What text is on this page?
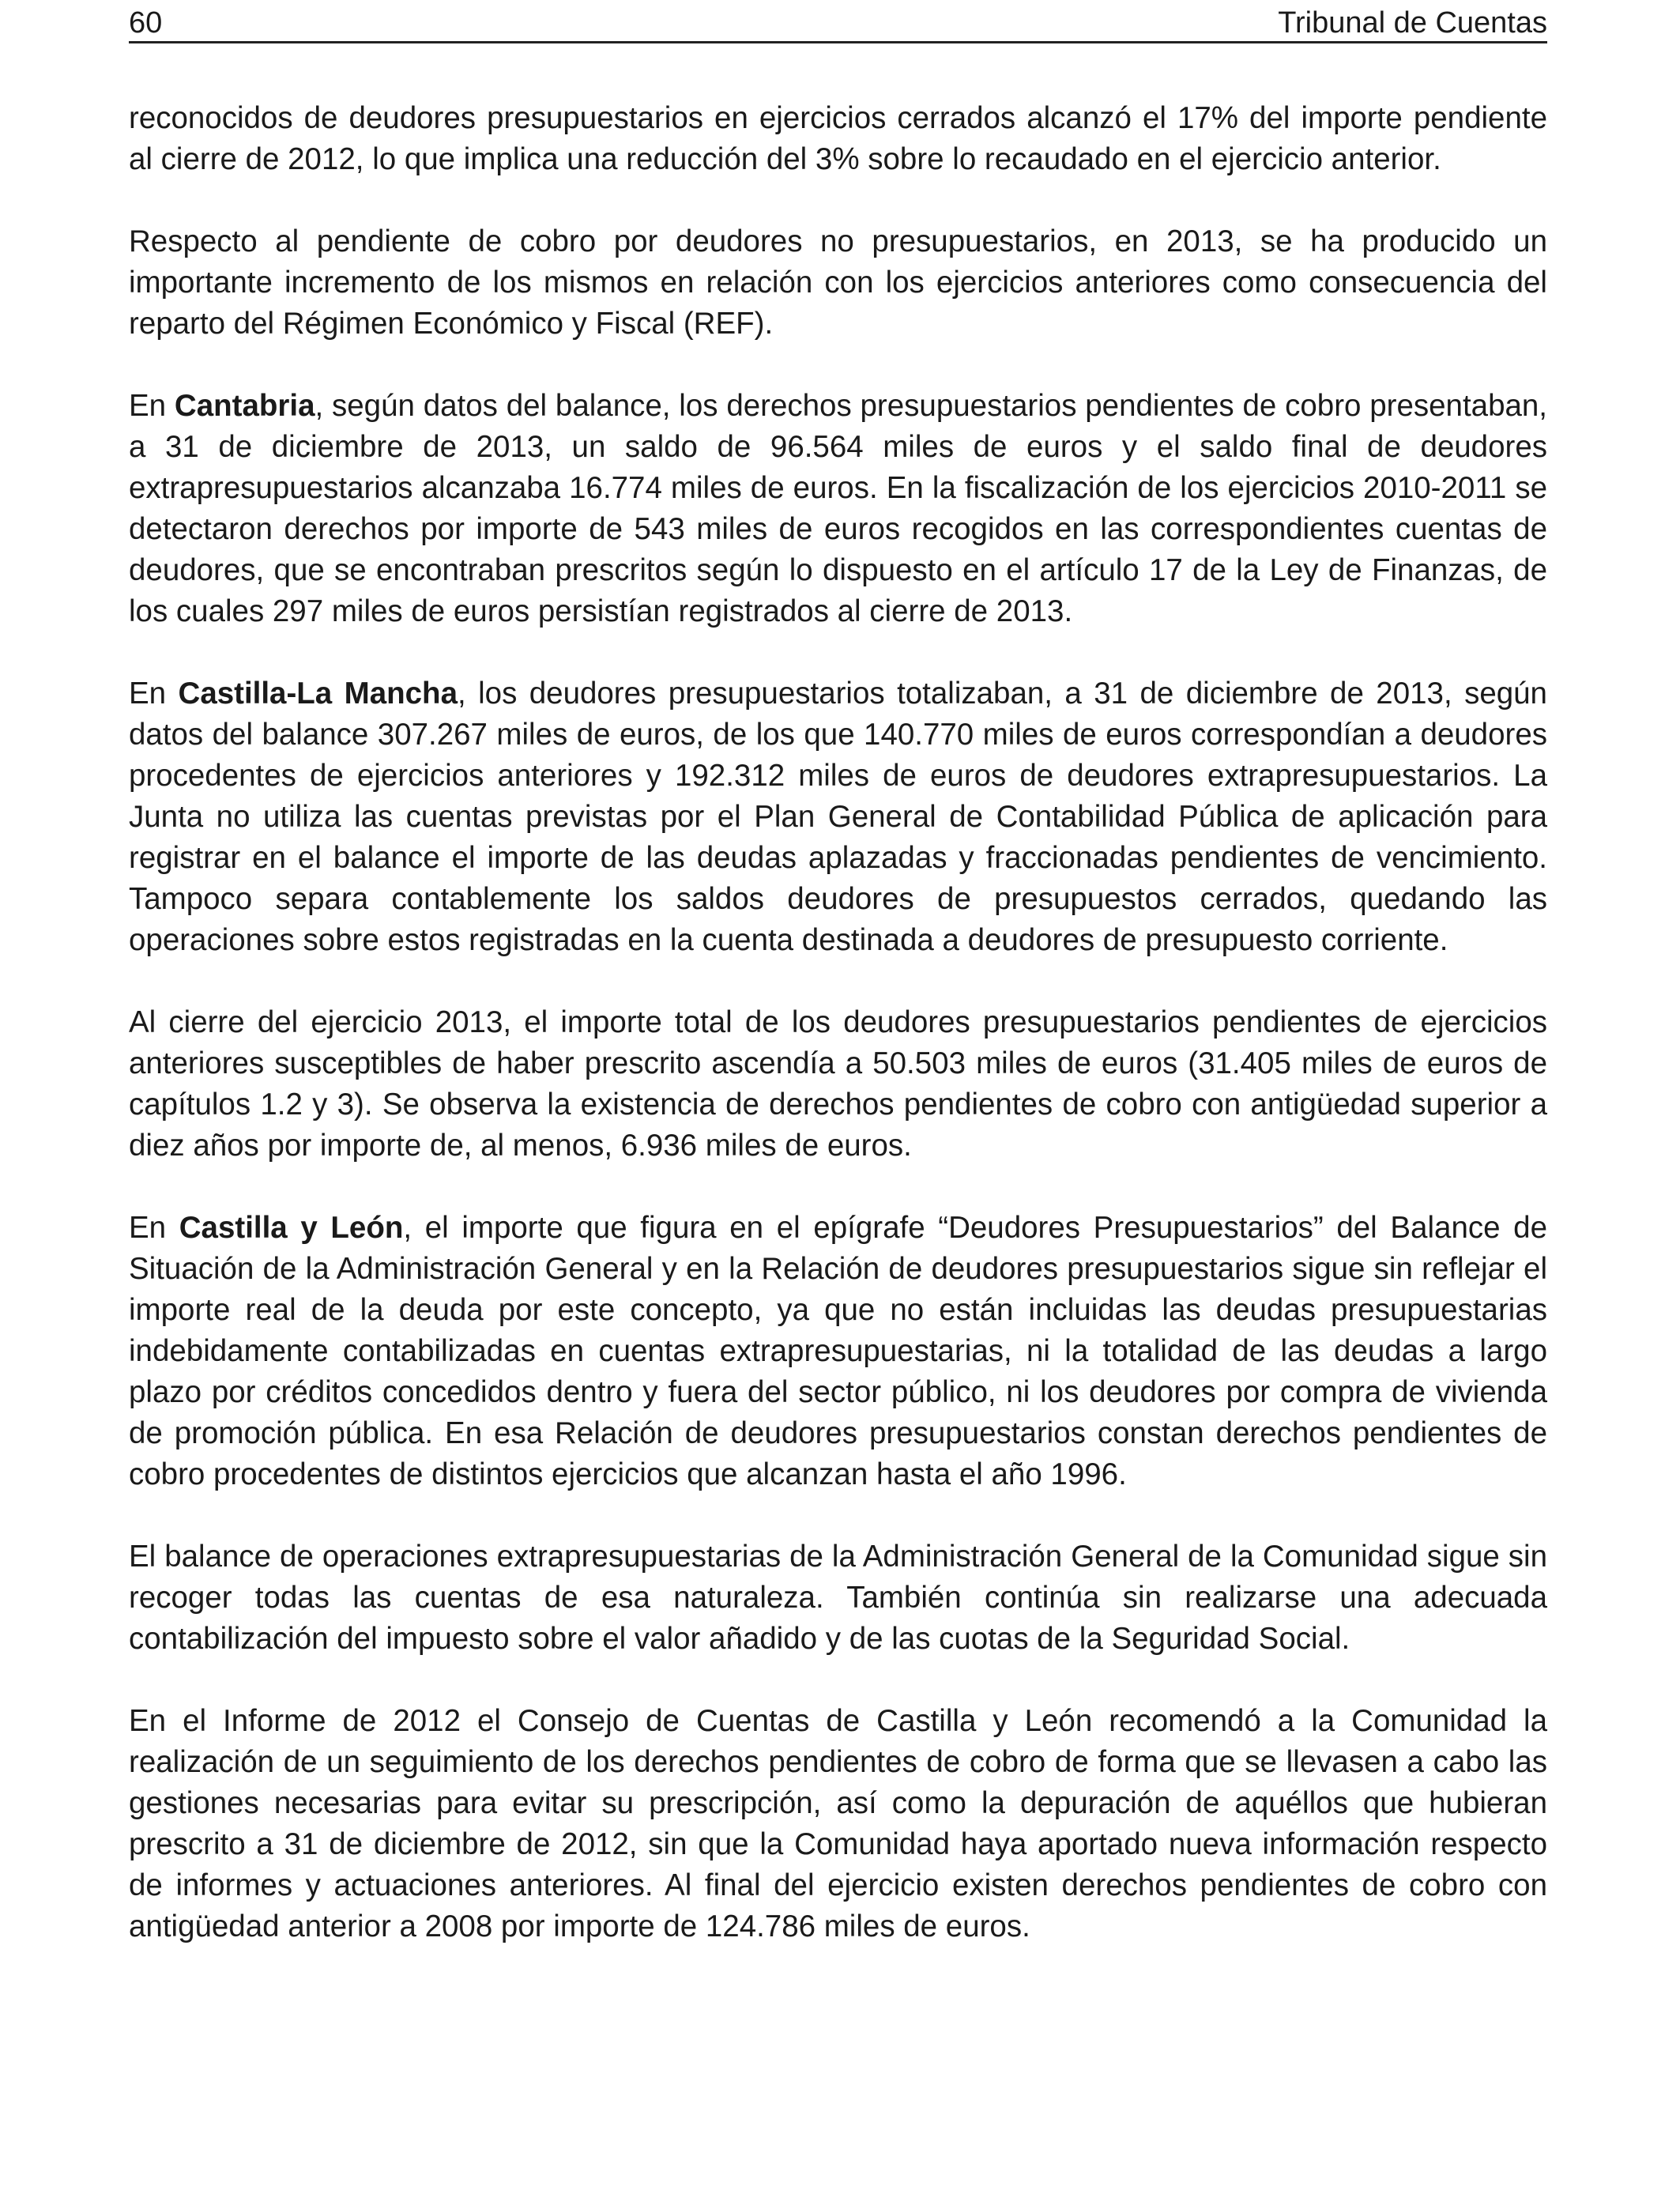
60	Tribunal de Cuentas

reconocidos de deudores presupuestarios en ejercicios cerrados alcanzó el 17% del importe pendiente al cierre de 2012, lo que implica una reducción del 3% sobre lo recaudado en el ejercicio anterior.

Respecto al pendiente de cobro por deudores no presupuestarios, en 2013, se ha producido un importante incremento de los mismos en relación con los ejercicios anteriores como consecuencia del reparto del Régimen Económico y Fiscal (REF).

En Cantabria, según datos del balance, los derechos presupuestarios pendientes de cobro presentaban, a 31 de diciembre de 2013, un saldo de 96.564 miles de euros y el saldo final de deudores extrapresupuestarios alcanzaba 16.774 miles de euros. En la fiscalización de los ejercicios 2010-2011 se detectaron derechos por importe de 543 miles de euros recogidos en las correspondientes cuentas de deudores, que se encontraban prescritos según lo dispuesto en el artículo 17 de la Ley de Finanzas, de los cuales 297 miles de euros persistían registrados al cierre de 2013.

En Castilla-La Mancha, los deudores presupuestarios totalizaban, a 31 de diciembre de 2013, según datos del balance 307.267 miles de euros, de los que 140.770 miles de euros correspondían a deudores procedentes de ejercicios anteriores y 192.312 miles de euros de deudores extrapresupuestarios. La Junta no utiliza las cuentas previstas por el Plan General de Contabilidad Pública de aplicación para registrar en el balance el importe de las deudas aplazadas y fraccionadas pendientes de vencimiento. Tampoco separa contablemente los saldos deudores de presupuestos cerrados, quedando las operaciones sobre estos registradas en la cuenta destinada a deudores de presupuesto corriente.

Al cierre del ejercicio 2013, el importe total de los deudores presupuestarios pendientes de ejercicios anteriores susceptibles de haber prescrito ascendía a 50.503 miles de euros (31.405 miles de euros de capítulos 1.2 y 3). Se observa la existencia de derechos pendientes de cobro con antigüedad superior a diez años por importe de, al menos, 6.936 miles de euros.

En Castilla y León, el importe que figura en el epígrafe “Deudores Presupuestarios” del Balance de Situación de la Administración General y en la Relación de deudores presupuestarios sigue sin reflejar el importe real de la deuda por este concepto, ya que no están incluidas las deudas presupuestarias indebidamente contabilizadas en cuentas extrapresupuestarias, ni la totalidad de las deudas a largo plazo por créditos concedidos dentro y fuera del sector público, ni los deudores por compra de vivienda de promoción pública. En esa Relación de deudores presupuestarios constan derechos pendientes de cobro procedentes de distintos ejercicios que alcanzan hasta el año 1996.

El balance de operaciones extrapresupuestarias de la Administración General de la Comunidad sigue sin recoger todas las cuentas de esa naturaleza. También continúa sin realizarse una adecuada contabilización del impuesto sobre el valor añadido y de las cuotas de la Seguridad Social.

En el Informe de 2012 el Consejo de Cuentas de Castilla y León recomendó a la Comunidad la realización de un seguimiento de los derechos pendientes de cobro de forma que se llevasen a cabo las gestiones necesarias para evitar su prescripción, así como la depuración de aquéllos que hubieran prescrito a 31 de diciembre de 2012, sin que la Comunidad haya aportado nueva información respecto de informes y actuaciones anteriores. Al final del ejercicio existen derechos pendientes de cobro con antigüedad anterior a 2008 por importe de 124.786 miles de euros.
